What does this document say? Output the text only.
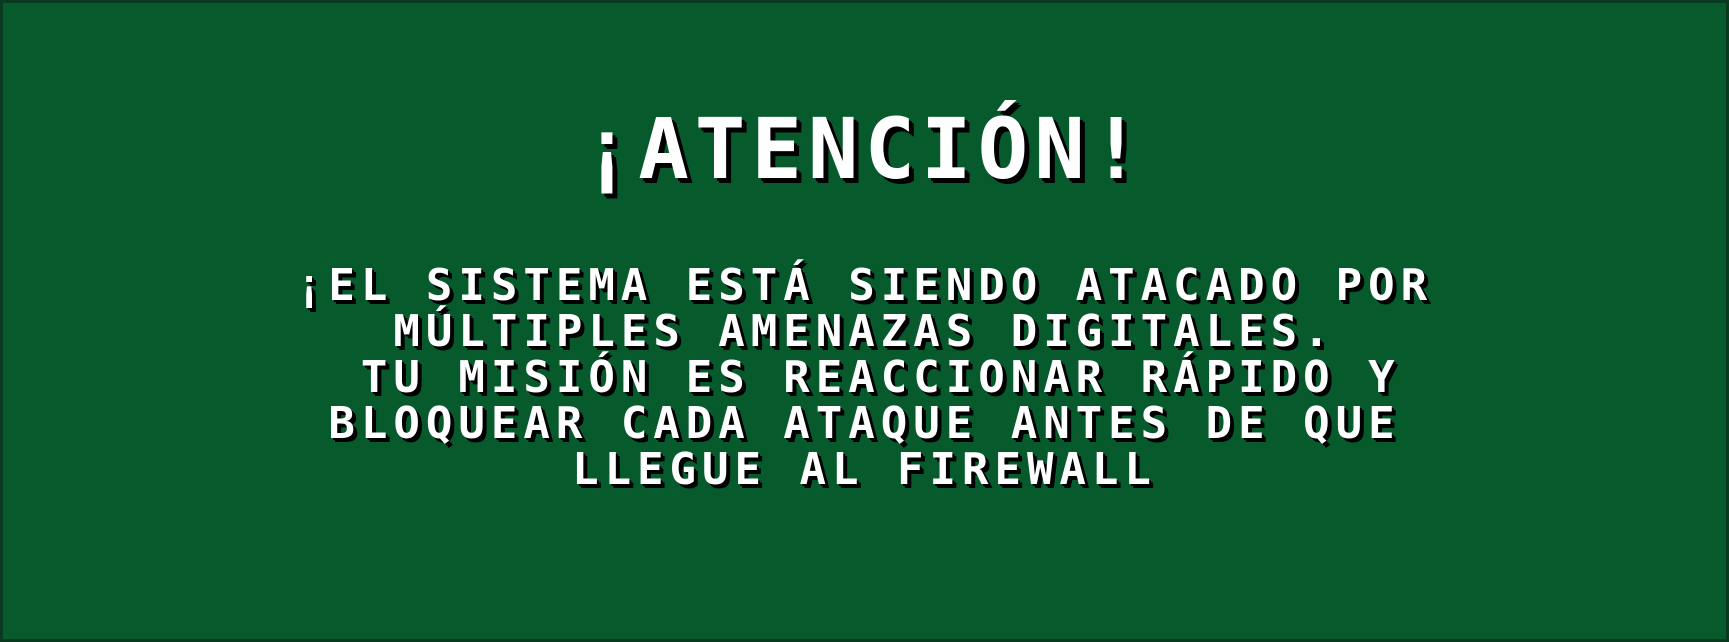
¡ATENCIÓN!
¡EL SISTEMA ESTÁ SIENDO ATACADO POR
MÚLTIPLES AMENAZAS DIGITALES.
TU MISIÓN ES REACCIONAR RÁPIDO Y
BLOQUEAR CADA ATAQUE ANTES DE QUE
LLEGUE AL FIREWALL
